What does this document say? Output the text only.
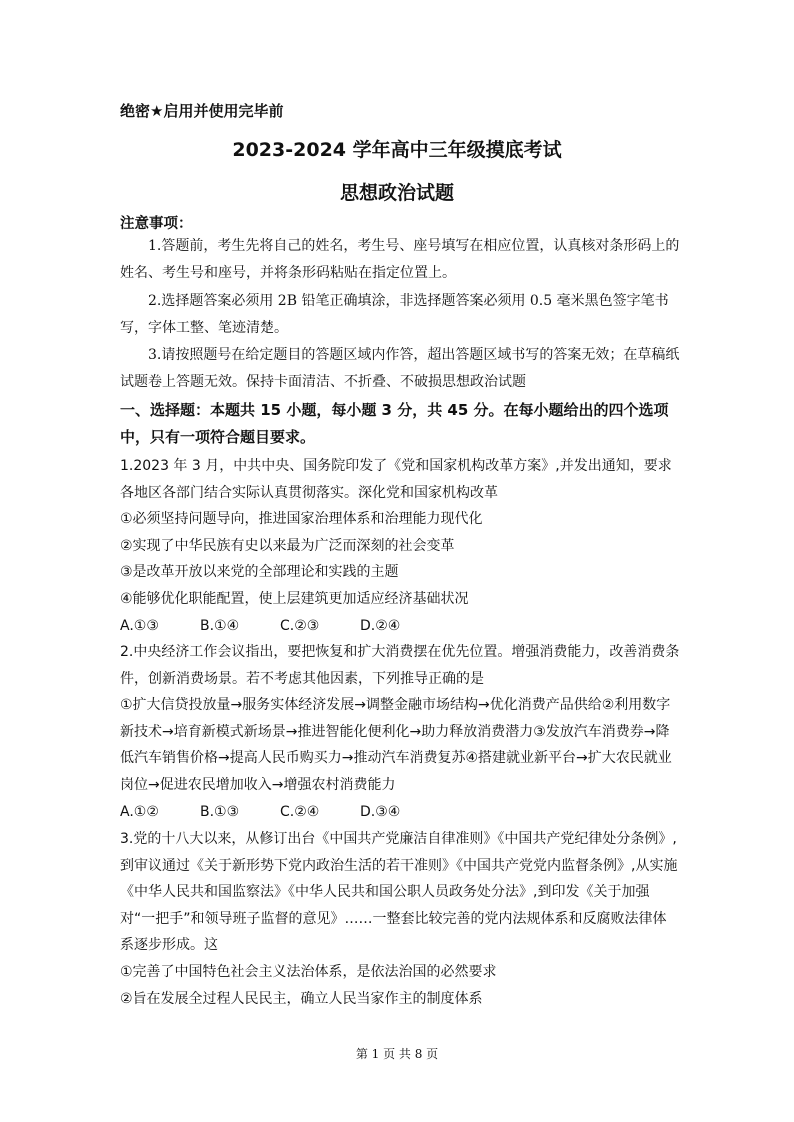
绝密★启用并使用完毕前
2023-2024 学年高中三年级摸底考试
思想政治试题
注意事项：
1.答题前，考生先将自己的姓名，考生号、座号填写在相应位置，认真核对条形码上的姓名、考生号和座号，并将条形码粘贴在指定位置上。
2.选择题答案必须用 2B 铅笔正确填涂，非选择题答案必须用 0.5 毫米黑色签字笔书写，字体工整、笔迹清楚。
3.请按照题号在给定题目的答题区域内作答，超出答题区域书写的答案无效；在草稿纸试题卷上答题无效。保持卡面清洁、不折叠、不破损思想政治试题
一、选择题：本题共 15 小题，每小题 3 分，共 45 分。在每小题给出的四个选项中，只有一项符合题目要求。

1.2023 年 3 月，中共中央、国务院印发了《党和国家机构改革方案》,并发出通知，要求各地区各部门结合实际认真贯彻落实。深化党和国家机构改革

①必须坚持问题导向，推进国家治理体系和治理能力现代化

②实现了中华民族有史以来最为广泛而深刻的社会变革

③是改革开放以来党的全部理论和实践的主题

④能够优化职能配置，使上层建筑更加适应经济基础状况

A.①③	B.①④	C.②③	D.②④

2.中央经济工作会议指出，要把恢复和扩大消费摆在优先位置。增强消费能力，改善消费条件，创新消费场景。若不考虑其他因素，下列推导正确的是

①扩大信贷投放量→服务实体经济发展→调整金融市场结构→优化消费产品供给②利用数字新技术→培育新模式新场景→推进智能化便利化→助力释放消费潜力③发放汽车消费券→降低汽车销售价格→提高人民币购买力→推动汽车消费复苏④搭建就业新平台→扩大农民就业岗位→促进农民增加收入→增强农村消费能力

A.①②	B.①③	C.②④	D.③④

3.党的十八大以来，从修订出台《中国共产党廉洁自律准则》《中国共产党纪律处分条例》,到审议通过《关于新形势下党内政治生活的若干准则》《中国共产党党内监督条例》,从实施《中华人民共和国监察法》《中华人民共和国公职人员政务处分法》,到印发《关于加强对“一把手”和领导班子监督的意见》……一整套比较完善的党内法规体系和反腐败法律体系逐步形成。这

①完善了中国特色社会主义法治体系，是依法治国的必然要求

②旨在发展全过程人民民主，确立人民当家作主的制度体系

第 1 页 共 8 页
